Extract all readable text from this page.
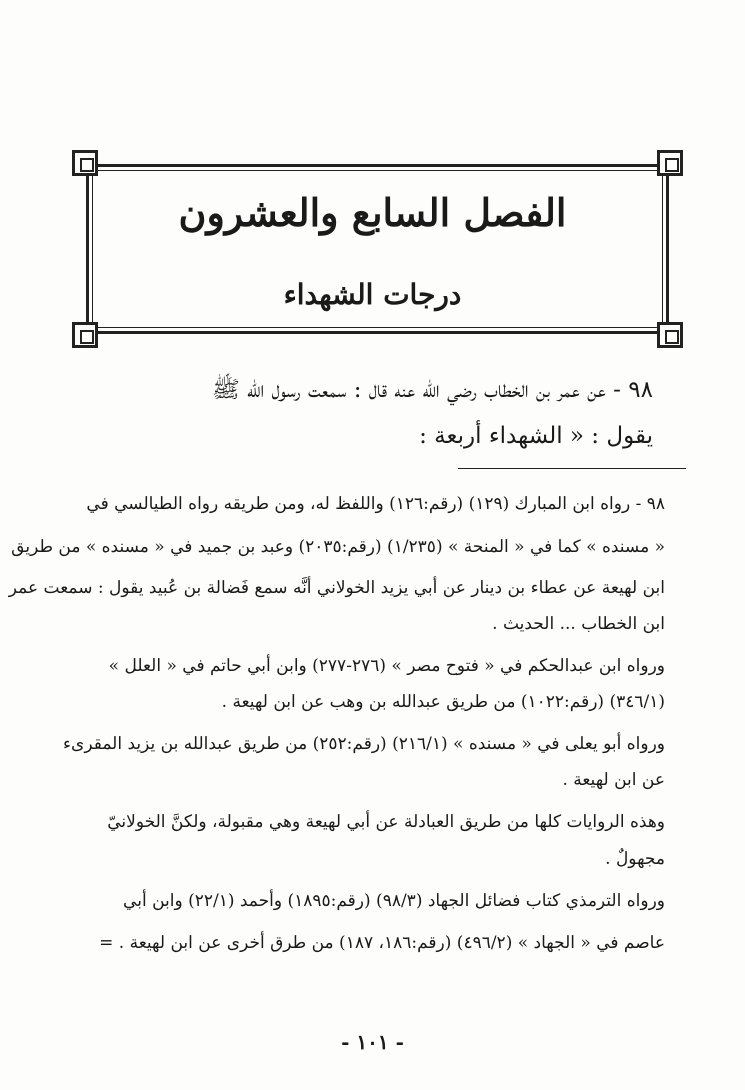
الفصل السابع والعشرون
درجات الشهداء
٩٨ - عن عمر بن الخطاب رضي الله عنه قال : سمعت رسول الله ﷺ
يقول : « الشهداء أربعة :
٩٨ - رواه ابن المبارك (١٢٩) (رقم:١٢٦) واللفظ له، ومن طريقه رواه الطيالسي في
« مسنده » كما في « المنحة » (١/٢٣٥) (رقم:٢٠٣٥) وعبد بن جميد في « مسنده » من طريق
ابن لهيعة عن عطاء بن دينار عن أبي يزيد الخولاني أنَّه سمع فَضالة بن عُبيد يقول : سمعت عمر
ابن الخطاب ... الحديث .
ورواه ابن عبدالحكم في « فتوح مصر » (٢٧٦-٢٧٧) وابن أبي حاتم في « العلل »
(٣٤٦/١) (رقم:١٠٢٢) من طريق عبدالله بن وهب عن ابن لهيعة .
ورواه أبو يعلى في « مسنده » (٢١٦/١) (رقم:٢٥٢) من طريق عبدالله بن يزيد المقرىء
عن ابن لهيعة .
وهذه الروايات كلها من طريق العبادلة عن أبي لهيعة وهي مقبولة، ولكنَّ الخولانيّ
مجهولٌ .
ورواه الترمذي كتاب فضائل الجهاد (٩٨/٣) (رقم:١٨٩٥) وأحمد (٢٢/١) وابن أبي
عاصم في « الجهاد » (٤٩٦/٢) (رقم:١٨٦، ١٨٧) من طرق أخرى عن ابن لهيعة . =
- ١٠١ -
